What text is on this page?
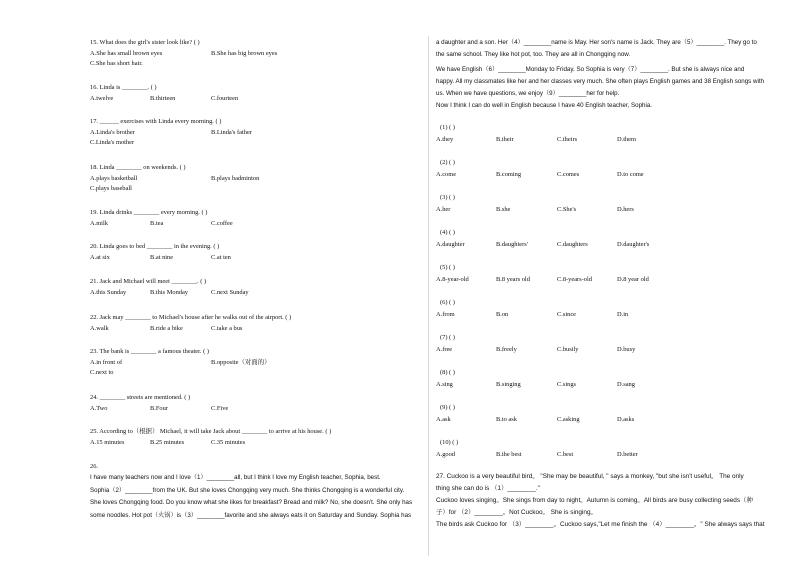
15. What does the girl's sister look like? ( )
A.She has small brown eyes	B.She has big brown eyes
C.She has short hair.
16. Linda is ________. ( )
A.twelve	B.thirteen	C.fourteen
17. ______ exercises with Linda every morning. ( )
A.Linda's brother	B.Linda's father
C.Linda's mother
18. Linda ________ on weekends. ( )
A.plays basketball	B.plays badminton
C.plays baseball
19. Linda drinks ________ every morning. ( )
A.milk	B.tea	C.coffee
20. Linda goes to bed ________ in the evening. ( )
A.at six	B.at nine	C.at ten
21. Jack and Michael will meet ________. ( )
A.this Sunday	B.this Monday	C.next Sunday
22. Jack may ________ to Michael's house after he walks out of the airport. ( )
A.walk	B.ride a bike	C.take a bus
23. The bank is ________ a famous theater. ( )
A.in front of	B.opposite（对面的）
C.next to
24. ________ streets are mentioned. ( )
A.Two	B.Four	C.Five
25. According to（根据） Michael, it will take Jack about ________ to arrive at his house. ( )
A.15 minutes	B.25 minutes	C.35 minutes
26.

I have many teachers now and I love（1）________all, but I think I love my English teacher, Sophia, best.

Sophia（2）________from the UK. But she loves Chongqing very much. She thinks Chongqing is a wonderful city.

She loves Chongqing food. Do you know what she likes for breakfast? Bread and milk? No, she doesn't. She only has

some noodles. Hot pot（火锅）is（3）________favorite and she always eats it on Saturday and Sunday. Sophia has

a daughter and a son. Her（4）________name is May. Her son's name is Jack. They are（5）________. They go to

the same school. They like hot pot, too. They are all in Chongqing now.

We have English（6）________Monday to Friday. So Sophia is very（7）________. But she is always nice and

happy. All my classmates like her and her classes very much. She often plays English games and 38 English songs with

us. When we have questions, we enjoy（9）________her for help.

Now I think I can do well in English because I have 40 English teacher, Sophia.

(1) ( )
A.they	B.their	C.theirs	D.them
(2) ( )
A.come	B.coming	C.comes	D.to come
(3) ( )
A.her	B.she	C.She's	D.hers
(4) ( )
A.daughter	B.daughters'	C.daughters	D.daughter's
(5) ( )
A.8-year-old	B.8 years old	C.8-years-old	D.8 year old
(6) ( )
A.from	B.on	C.since	D.in
(7) ( )
A.free	B.freely	C.busily	D.busy
(8) ( )
A.sing	B.singing	C.sings	D.sang
(9) ( )
A.ask	B.to ask	C.asking	D.asks
(10) ( )
A.good	B.the best	C.best	D.better
27. Cuckoo is a very beautiful bird。 "She may be beautiful, " says a monkey, "but she isn't useful。 The only
thing she can do is （1）________."
Cuckoo loves singing。She sings from day to night。Autumn is coming。All birds are busy collecting seeds（种
子）for （2）________。Not Cuckoo。 She is singing。
The birds ask Cuckoo for （3）________。Cuckoo says,"Let me finish the （4）________。" She always says that
